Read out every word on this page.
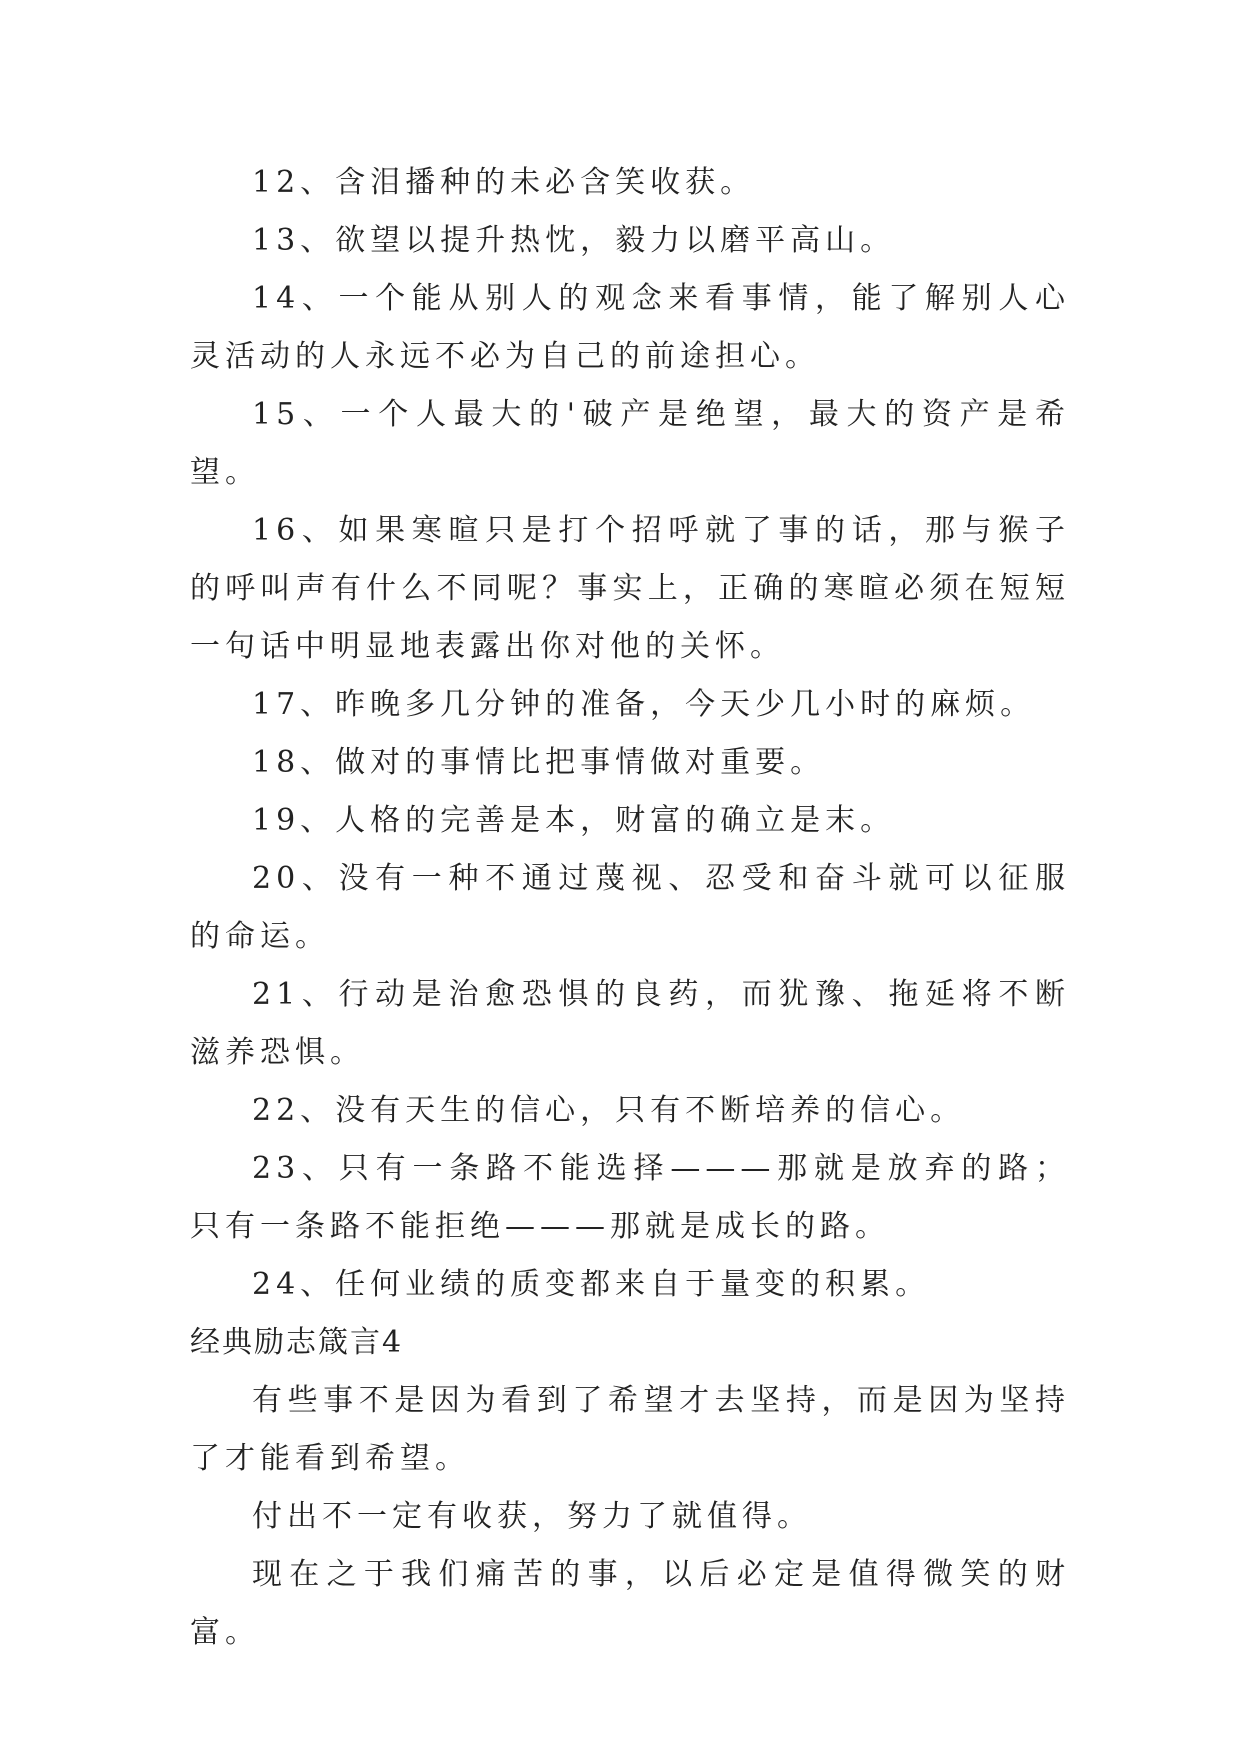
12、含泪播种的未必含笑收获。

13、欲望以提升热忱，毅力以磨平高山。

14、一个能从别人的观念来看事情，能了解别人心灵活动的人永远不必为自己的前途担心。

15、一个人最大的'破产是绝望，最大的资产是希望。

16、如果寒暄只是打个招呼就了事的话，那与猴子的呼叫声有什么不同呢？事实上，正确的寒暄必须在短短一句话中明显地表露出你对他的关怀。

17、昨晚多几分钟的准备，今天少几小时的麻烦。

18、做对的事情比把事情做对重要。

19、人格的完善是本，财富的确立是末。

20、没有一种不通过蔑视、忍受和奋斗就可以征服的命运。

21、行动是治愈恐惧的良药，而犹豫、拖延将不断滋养恐惧。

22、没有天生的信心，只有不断培养的信心。

23、只有一条路不能选择———那就是放弃的路；只有一条路不能拒绝———那就是成长的路。

24、任何业绩的质变都来自于量变的积累。

经典励志箴言4

有些事不是因为看到了希望才去坚持，而是因为坚持了才能看到希望。

付出不一定有收获，努力了就值得。

现在之于我们痛苦的事，以后必定是值得微笑的财富。
